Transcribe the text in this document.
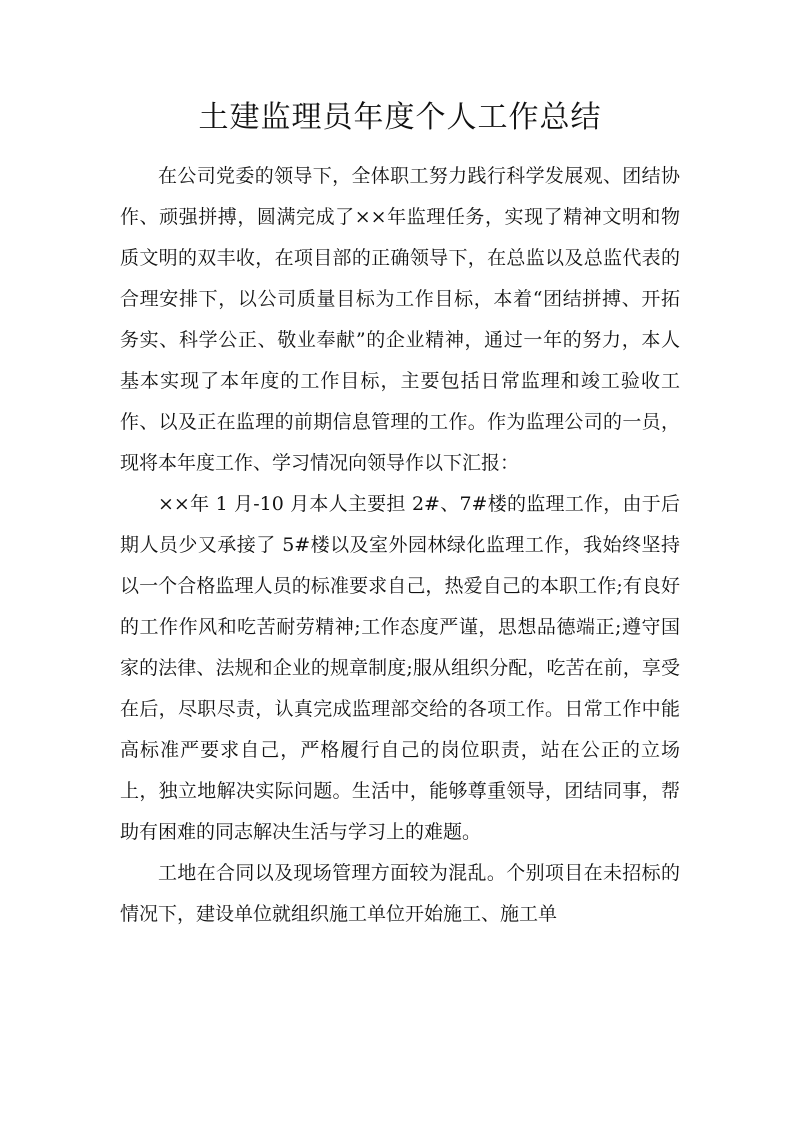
土建监理员年度个人工作总结

在公司党委的领导下，全体职工努力践行科学发展观、团结协作、顽强拼搏，圆满完成了××年监理任务，实现了精神文明和物质文明的双丰收，在项目部的正确领导下，在总监以及总监代表的合理安排下，以公司质量目标为工作目标，本着“团结拼搏、开拓务实、科学公正、敬业奉献”的企业精神，通过一年的努力，本人基本实现了本年度的工作目标，主要包括日常监理和竣工验收工作、以及正在监理的前期信息管理的工作。作为监理公司的一员，现将本年度工作、学习情况向领导作以下汇报：

××年 1 月-10 月本人主要担 2#、7#楼的监理工作，由于后期人员少又承接了 5#楼以及室外园林绿化监理工作，我始终坚持以一个合格监理人员的标准要求自己，热爱自己的本职工作;有良好的工作作风和吃苦耐劳精神;工作态度严谨，思想品德端正;遵守国家的法律、法规和企业的规章制度;服从组织分配，吃苦在前，享受在后，尽职尽责，认真完成监理部交给的各项工作。日常工作中能高标准严要求自己，严格履行自己的岗位职责，站在公正的立场上，独立地解决实际问题。生活中，能够尊重领导，团结同事，帮助有困难的同志解决生活与学习上的难题。

工地在合同以及现场管理方面较为混乱。个别项目在未招标的情况下，建设单位就组织施工单位开始施工、施工单
